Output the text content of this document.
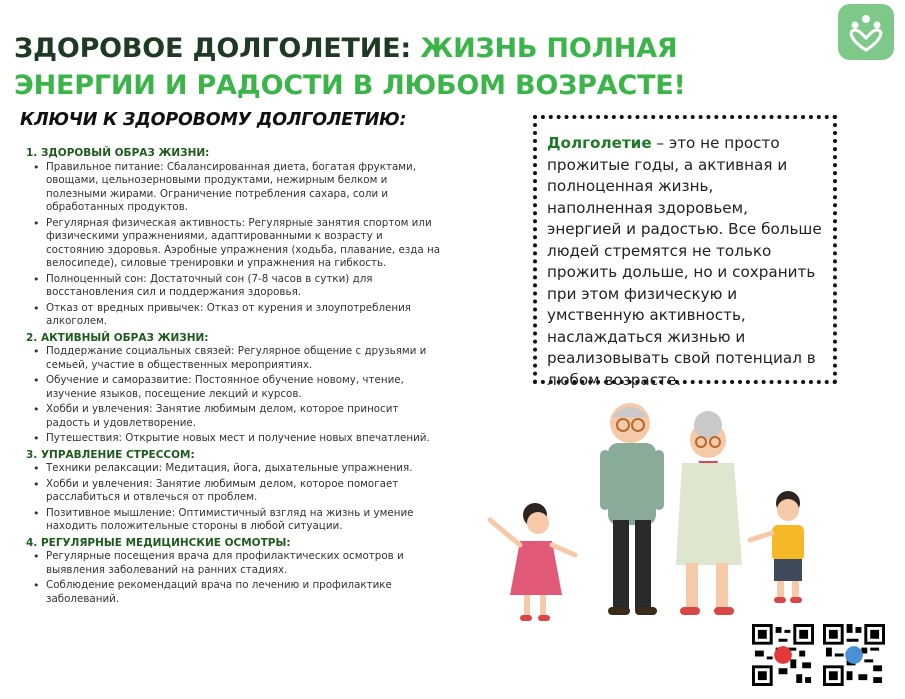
ЗДОРОВОЕ ДОЛГОЛЕТИЕ: ЖИЗНЬ ПОЛНАЯ ЭНЕРГИИ И РАДОСТИ В ЛЮБОМ ВОЗРАСТЕ!
КЛЮЧИ К ЗДОРОВОМУ ДОЛГОЛЕТИЮ:
1. ЗДОРОВЫЙ ОБРАЗ ЖИЗНИ:
• Правильное питание: Сбалансированная диета, богатая фруктами, овощами, цельнозерновыми продуктами, нежирным белком и полезными жирами. Ограничение потребления сахара, соли и обработанных продуктов.
• Регулярная физическая активность: Регулярные занятия спортом или физическими упражнениями, адаптированными к возрасту и состоянию здоровья. Аэробные упражнения (ходьба, плавание, езда на велосипеде), силовые тренировки и упражнения на гибкость.
• Полноценный сон: Достаточный сон (7-8 часов в сутки) для восстановления сил и поддержания здоровья.
• Отказ от вредных привычек: Отказ от курения и злоупотребления алкоголем.
2. АКТИВНЫЙ ОБРАЗ ЖИЗНИ:
• Поддержание социальных связей: Регулярное общение с друзьями и семьей, участие в общественных мероприятиях.
• Обучение и саморазвитие: Постоянное обучение новому, чтение, изучение языков, посещение лекций и курсов.
• Хобби и увлечения: Занятие любимым делом, которое приносит радость и удовлетворение.
• Путешествия: Открытие новых мест и получение новых впечатлений.
3. УПРАВЛЕНИЕ СТРЕССОМ:
• Техники релаксации: Медитация, йога, дыхательные упражнения.
• Хобби и увлечения: Занятие любимым делом, которое помогает расслабиться и отвлечься от проблем.
• Позитивное мышление: Оптимистичный взгляд на жизнь и умение находить положительные стороны в любой ситуации.
4. РЕГУЛЯРНЫЕ МЕДИЦИНСКИЕ ОСМОТРЫ:
• Регулярные посещения врача для профилактических осмотров и выявления заболеваний на ранних стадиях.
• Соблюдение рекомендаций врача по лечению и профилактике заболеваний.
Долголетие – это не просто прожитые годы, а активная и полноценная жизнь, наполненная здоровьем, энергией и радостью. Все больше людей стремятся не только прожить дольше, но и сохранить при этом физическую и умственную активность, наслаждаться жизнью и реализовывать свой потенциал в любом возрасте.
